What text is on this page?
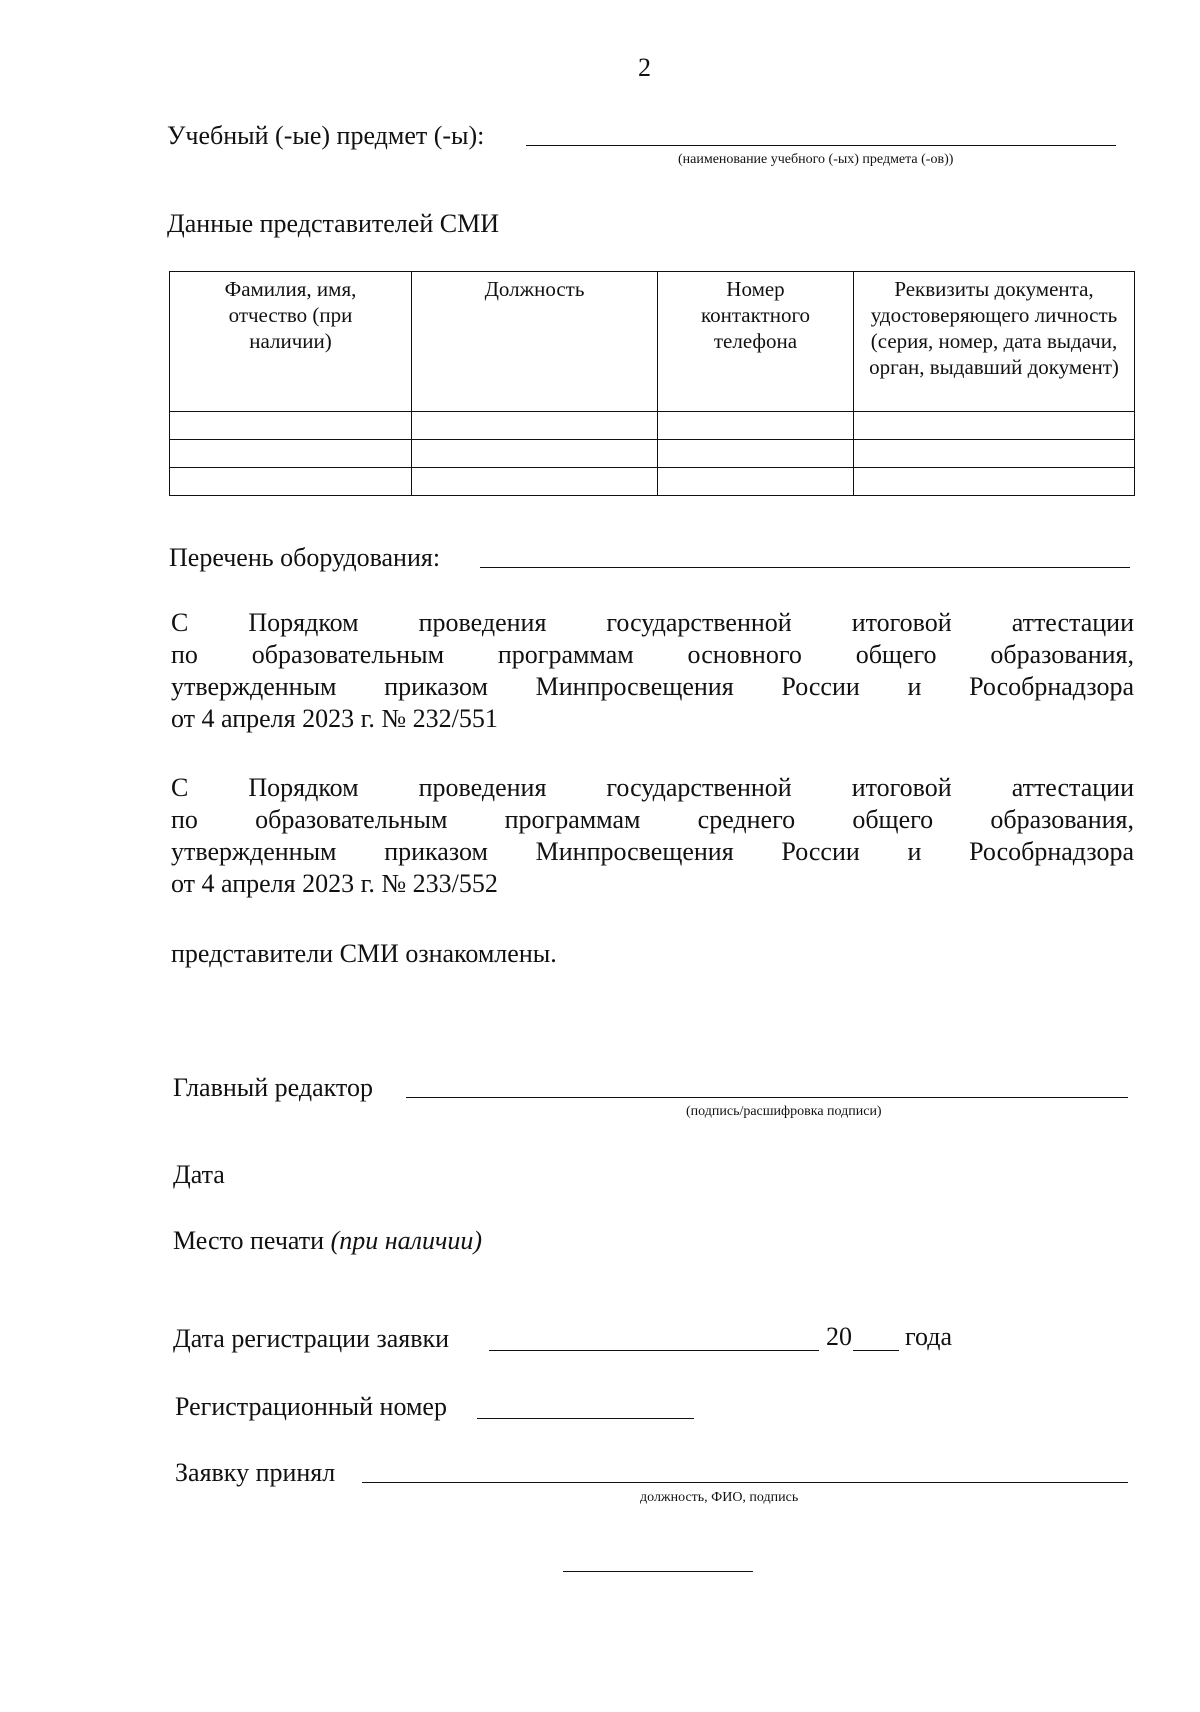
2
Учебный (-ые) предмет (-ы):
(наименование учебного (-ых) предмета (-ов))
Данные представителей СМИ
Фамилия, имя, отчество (при наличии)	Должность	Номер контактного телефона	Реквизиты документа, удостоверяющего личность (серия, номер, дата выдачи, орган, выдавший документ)

Перечень оборудования:
С Порядком проведения государственной итоговой аттестации
по образовательным программам основного общего образования,
утвержденным приказом Минпросвещения России и Рособрнадзора
от 4 апреля 2023 г. № 232/551
С Порядком проведения государственной итоговой аттестации
по образовательным программам среднего общего образования,
утвержденным приказом Минпросвещения России и Рособрнадзора
от 4 апреля 2023 г. № 233/552
представители СМИ ознакомлены.
Главный редактор
(подпись/расшифровка подписи)
Дата
Место печати (при наличии)
Дата регистрации заявки	20 года
Регистрационный номер
Заявку принял
должность, ФИО, подпись
